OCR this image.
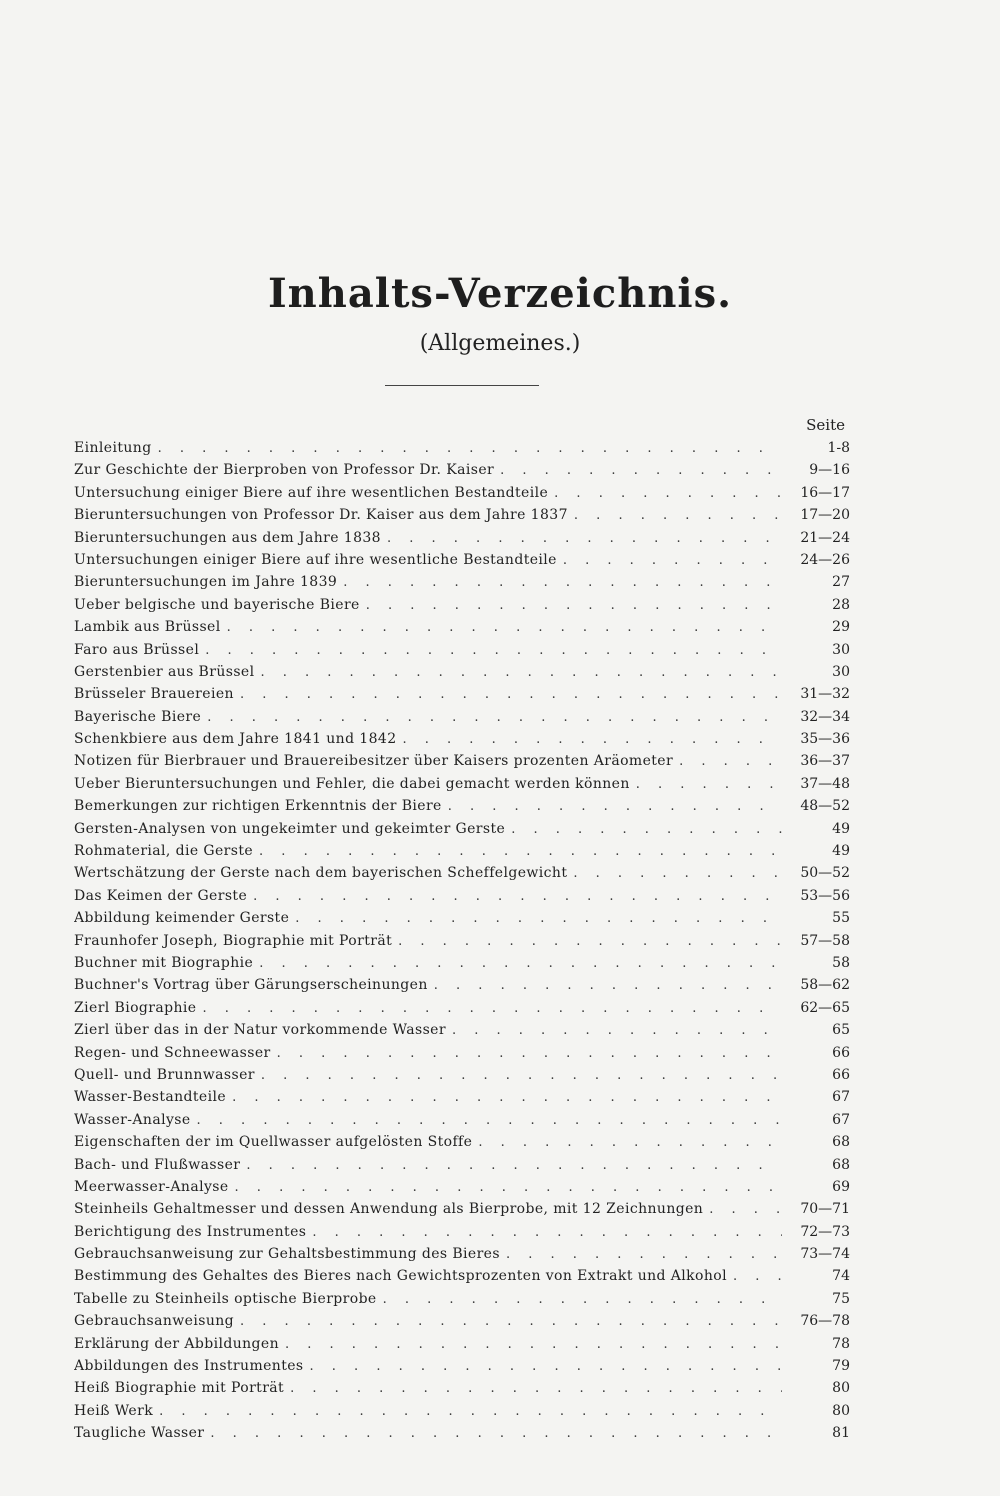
Inhalts-Verzeichnis.
(Allgemeines.)
Seite
Einleitung . . .	1-8
Zur Geschichte der Bierproben von Professor Dr. Kaiser . . .	9—16
Untersuchung einiger Biere auf ihre wesentlichen Bestandteile . . .	16—17
Bieruntersuchungen von Professor Dr. Kaiser aus dem Jahre 1837 . . .	17—20
Bieruntersuchungen aus dem Jahre 1838 . . .	21—24
Untersuchungen einiger Biere auf ihre wesentliche Bestandteile . . .	24—26
Bieruntersuchungen im Jahre 1839 . . .	27
Ueber belgische und bayerische Biere . . .	28
Lambik aus Brüssel . . .	29
Faro aus Brüssel . . .	30
Gerstenbier aus Brüssel . . .	30
Brüsseler Brauereien . . .	31—32
Bayerische Biere . . .	32—34
Schenkbiere aus dem Jahre 1841 und 1842 . . .	35—36
Notizen für Bierbrauer und Brauereibesitzer über Kaisers prozenten Aräometer . . .	36—37
Ueber Bieruntersuchungen und Fehler, die dabei gemacht werden können . . .	37—48
Bemerkungen zur richtigen Erkenntnis der Biere . . .	48—52
Gersten-Analysen von ungekeimter und gekeimter Gerste . . .	49
Rohmaterial, die Gerste . . .	49
Wertschätzung der Gerste nach dem bayerischen Scheffelgewicht . . .	50—52
Das Keimen der Gerste . . .	53—56
Abbildung keimender Gerste . . .	55
Fraunhofer Joseph, Biographie mit Porträt . . .	57—58
Buchner mit Biographie . . .	58
Buchner's Vortrag über Gärungserscheinungen . . .	58—62
Zierl Biographie . . .	62—65
Zierl über das in der Natur vorkommende Wasser . . .	65
Regen- und Schneewasser . . .	66
Quell- und Brunnwasser . . .	66
Wasser-Bestandteile . . .	67
Wasser-Analyse . . .	67
Eigenschaften der im Quellwasser aufgelösten Stoffe . . .	68
Bach- und Flußwasser . . .	68
Meerwasser-Analyse . . .	69
Steinheils Gehaltmesser und dessen Anwendung als Bierprobe, mit 12 Zeichnungen . . .	70—71
Berichtigung des Instrumentes . . .	72—73
Gebrauchsanweisung zur Gehaltsbestimmung des Bieres . . .	73—74
Bestimmung des Gehaltes des Bieres nach Gewichtsprozenten von Extrakt und Alkohol . . .	74
Tabelle zu Steinheils optische Bierprobe . . .	75
Gebrauchsanweisung . . .	76—78
Erklärung der Abbildungen . . .	78
Abbildungen des Instrumentes . . .	79
Heiß Biographie mit Porträt . . .	80
Heiß Werk . . .	80
Taugliche Wasser . . .	81
